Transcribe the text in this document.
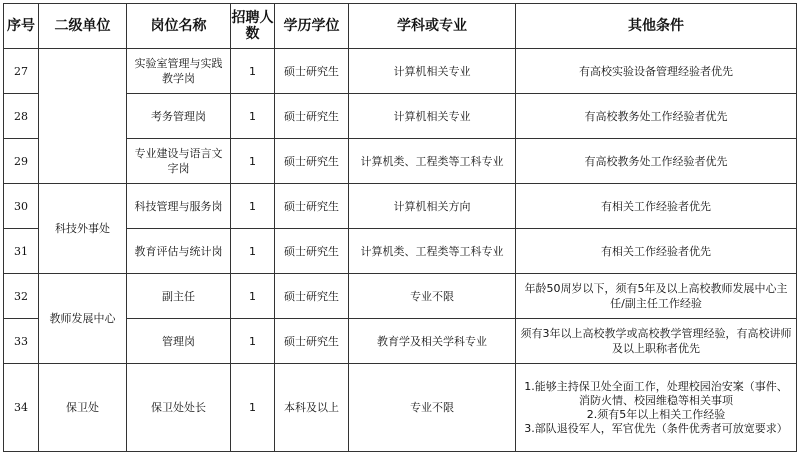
序号	二级单位	岗位名称	招聘人数	学历学位	学科或专业	其他条件
27		实验室管理与实践教学岗	1	硕士研究生	计算机相关专业	有高校实验设备管理经验者优先
28		考务管理岗	1	硕士研究生	计算机相关专业	有高校教务处工作经验者优先
29		专业建设与语言文字岗	1	硕士研究生	计算机类、工程类等工科专业	有高校教务处工作经验者优先
30	科技外事处	科技管理与服务岗	1	硕士研究生	计算机相关方向	有相关工作经验者优先
31		教育评估与统计岗	1	硕士研究生	计算机类、工程类等工科专业	有相关工作经验者优先
32	教师发展中心	副主任	1	硕士研究生	专业不限	年龄50周岁以下，须有5年及以上高校教师发展中心主任/副主任工作经验
33		管理岗	1	硕士研究生	教育学及相关学科专业	须有3年以上高校教学或高校教学管理经验，有高校讲师及以上职称者优先
34	保卫处	保卫处处长	1	本科及以上	专业不限	1.能够主持保卫处全面工作，处理校园治安案（事件、消防火情、校园维稳等相关事项
2.须有5年以上相关工作经验
3.部队退役军人，军官优先（条件优秀者可放宽要求）
